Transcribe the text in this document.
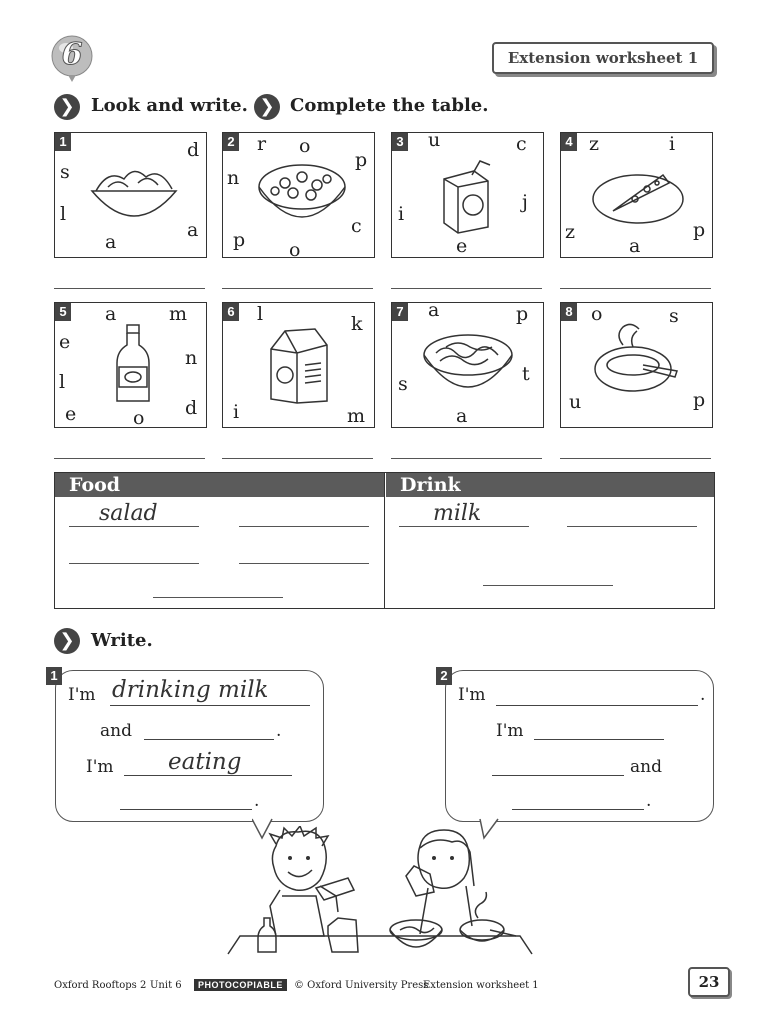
6	Extension worksheet 1
❯ Look and write. ❯ Complete the table.
1	d
s
l
a
a
2 r o
p
n
c
p o
3 u	c
j
i
e
4 z	i
z	p
a
5 a	m
e
n
l
e	o d
6 l	k
i	m
7 a	p
t
s
a
8 o	s
u	p
Food	Drink
salad	milk
❯ Write.
1
I'm drinking milk
and	.
I'm eating
.
2
I'm	.
I'm
and
.
Oxford Rooftops 2 Unit 6	PHOTOCOPIABLE	© Oxford University Press
Extension worksheet 1	23
